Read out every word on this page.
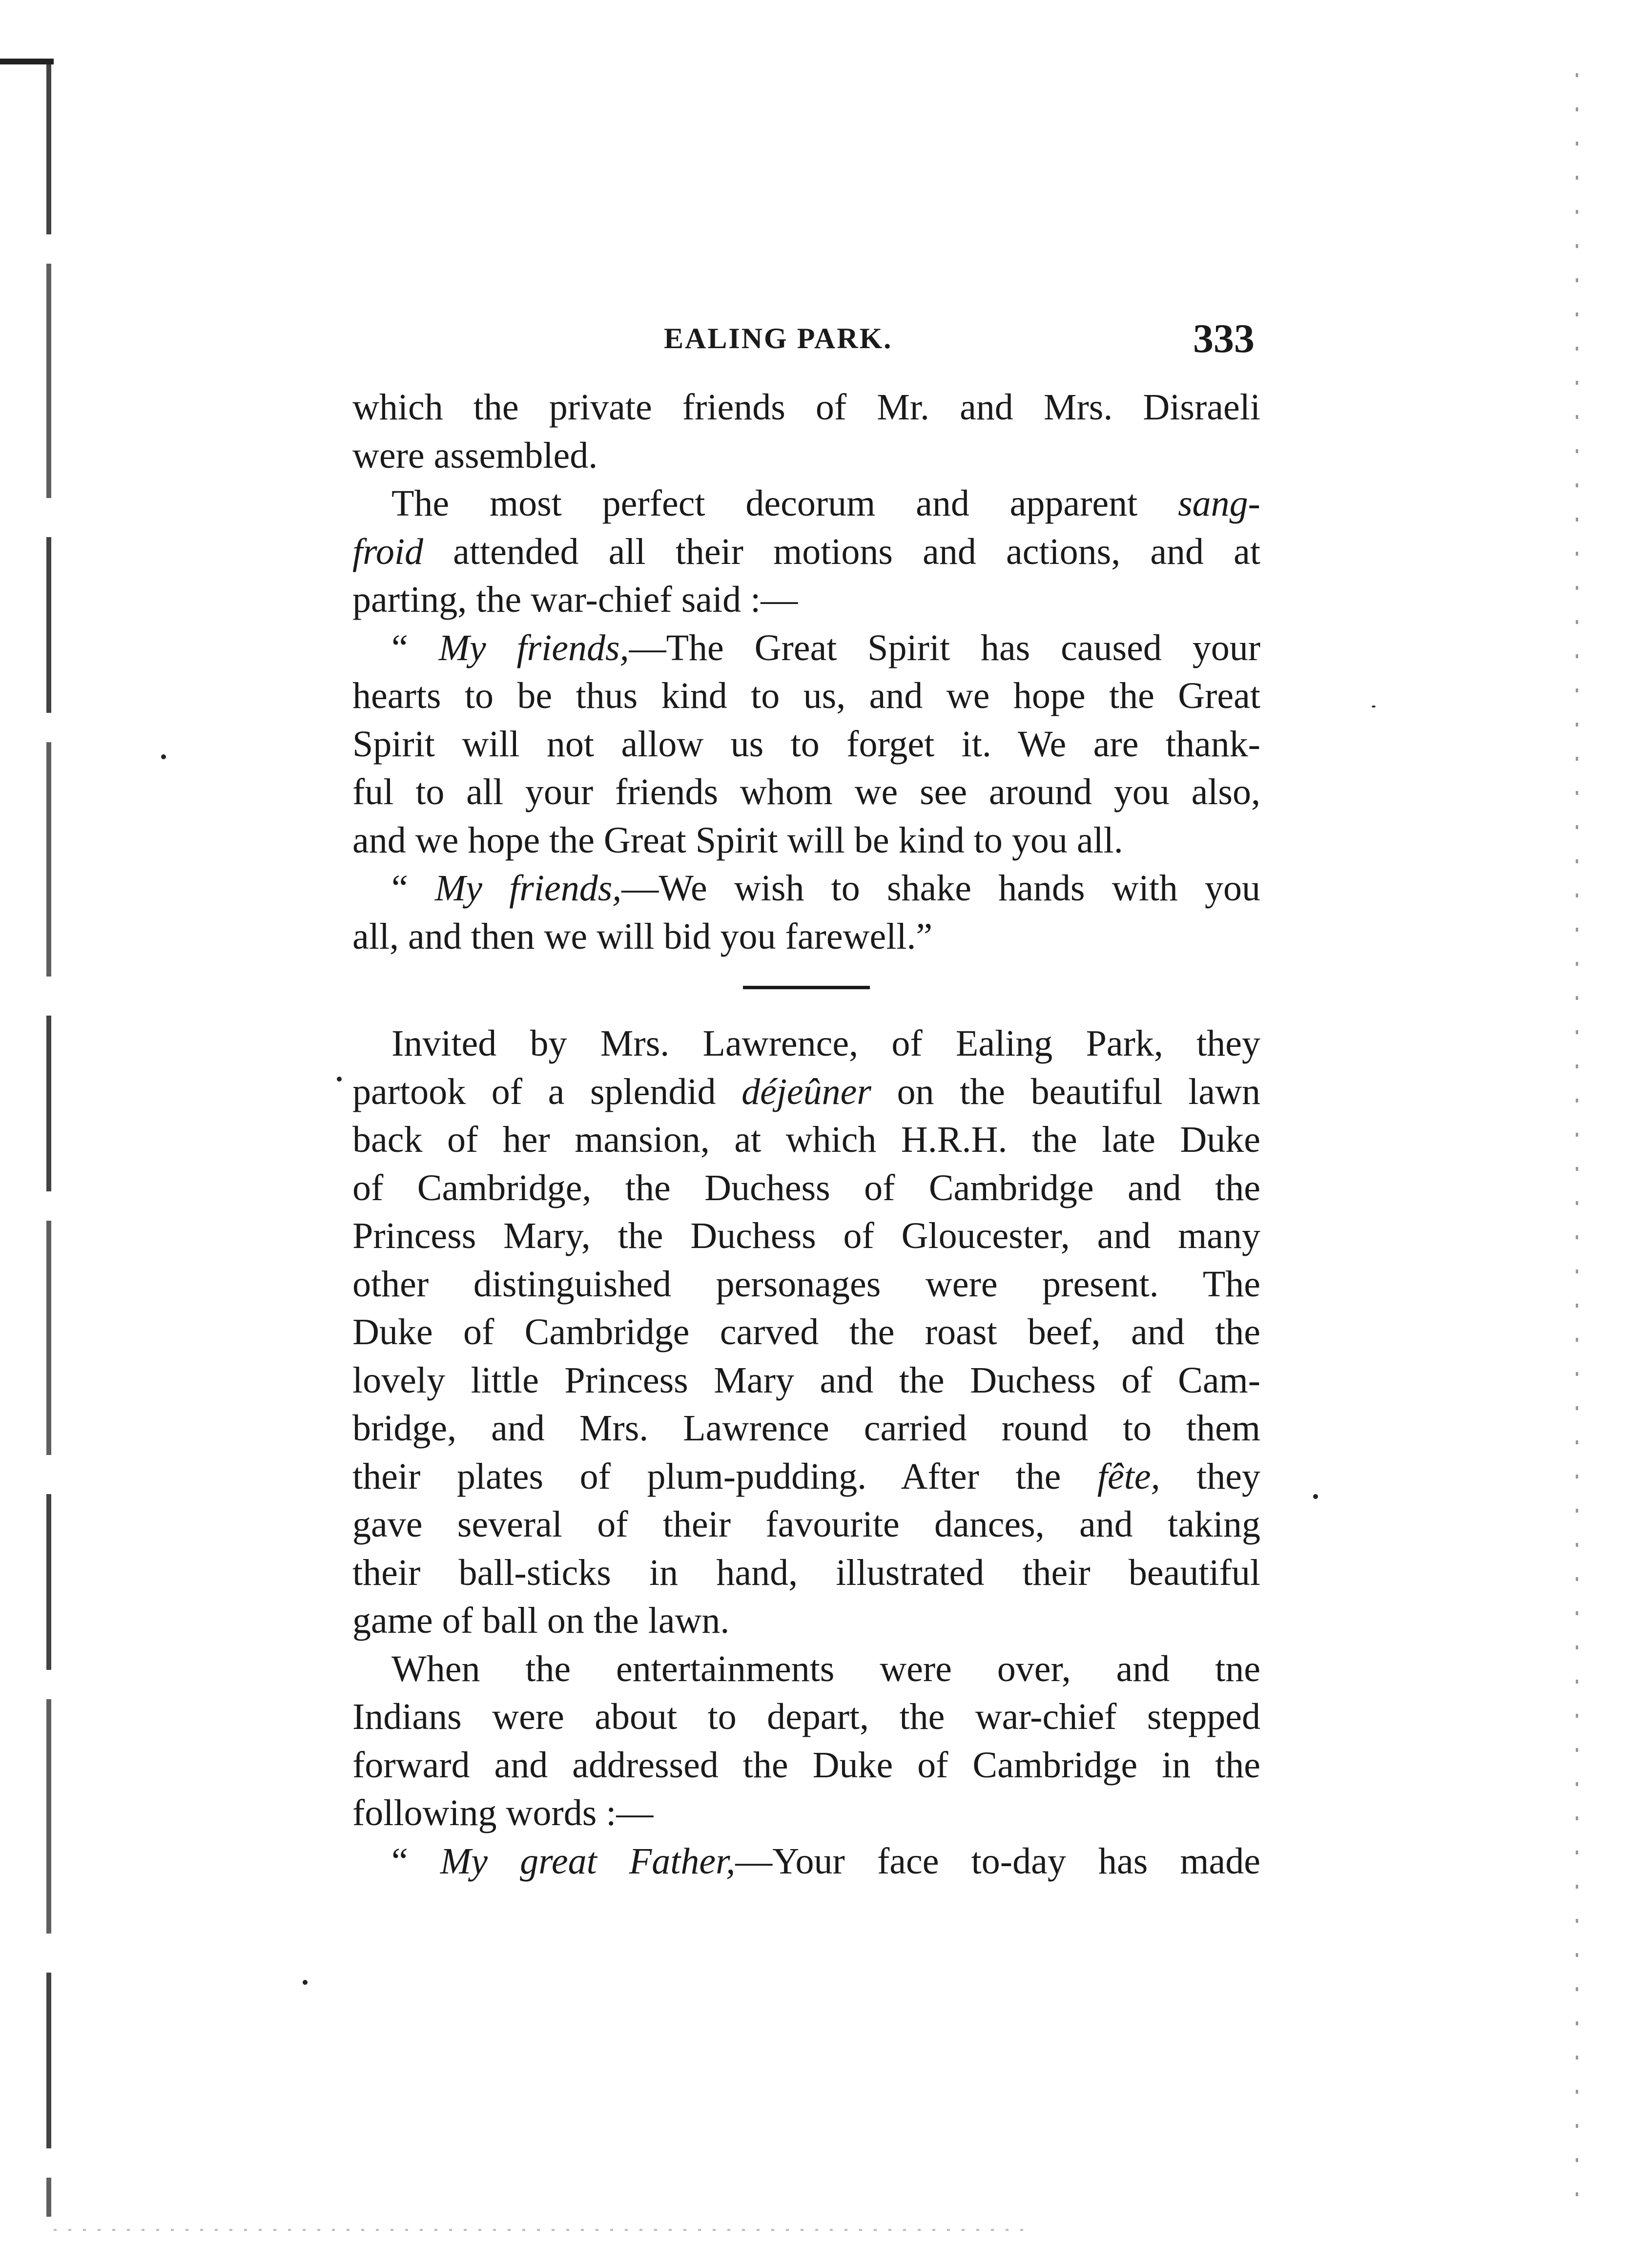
EALING PARK.	333
which the private friends of Mr. and Mrs. Disraeli
were assembled.
The most perfect decorum and apparent sang-
froid attended all their motions and actions, and at
parting, the war-chief said :—
“ My friends,—The Great Spirit has caused your
hearts to be thus kind to us, and we hope the Great
Spirit will not allow us to forget it. We are thank-
ful to all your friends whom we see around you also,
and we hope the Great Spirit will be kind to you all.
“ My friends,—We wish to shake hands with you
all, and then we will bid you farewell.”
Invited by Mrs. Lawrence, of Ealing Park, they
partook of a splendid déjeûner on the beautiful lawn
back of her mansion, at which H.R.H. the late Duke
of Cambridge, the Duchess of Cambridge and the
Princess Mary, the Duchess of Gloucester, and many
other distinguished personages were present. The
Duke of Cambridge carved the roast beef, and the
lovely little Princess Mary and the Duchess of Cam-
bridge, and Mrs. Lawrence carried round to them
their plates of plum-pudding. After the fête, they
gave several of their favourite dances, and taking
their ball-sticks in hand, illustrated their beautiful
game of ball on the lawn.
When the entertainments were over, and tne
Indians were about to depart, the war-chief stepped
forward and addressed the Duke of Cambridge in the
following words :—
“ My great Father,—Your face to-day has made
